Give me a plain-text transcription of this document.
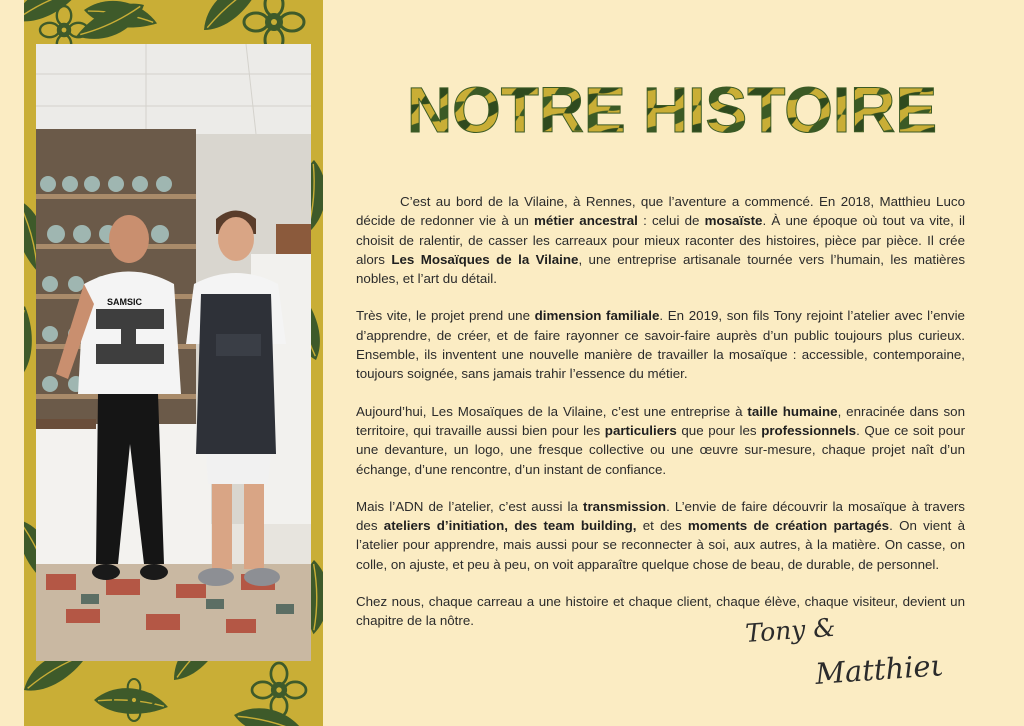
SAMSIC
NOTRE HISTOIRE

C’est au bord de la Vilaine, à Rennes, que l’aventure a commencé. En 2018, Matthieu Luco décide de redonner vie à un métier ancestral : celui de mosaïste. À une époque où tout va vite, il choisit de ralentir, de casser les carreaux pour mieux raconter des histoires, pièce par pièce. Il crée alors Les Mosaïques de la Vilaine, une entreprise artisanale tournée vers l’humain, les matières nobles, et l’art du détail.

Très vite, le projet prend une dimension familiale. En 2019, son fils Tony rejoint l’atelier avec l’envie d’apprendre, de créer, et de faire rayonner ce savoir-faire auprès d’un public toujours plus curieux. Ensemble, ils inventent une nouvelle manière de travailler la mosaïque : accessible, contemporaine, toujours soignée, sans jamais trahir l’essence du métier.

Aujourd’hui, Les Mosaïques de la Vilaine, c’est une entreprise à taille humaine, enracinée dans son territoire, qui travaille aussi bien pour les particuliers que pour les professionnels. Que ce soit pour une devanture, un logo, une fresque collective ou une œuvre sur-mesure, chaque projet naît d’un échange, d’une rencontre, d’un instant de confiance.

Mais l’ADN de l’atelier, c’est aussi la transmission. L’envie de faire découvrir la mosaïque à travers des ateliers d’initiation, des team building, et des moments de création partagés. On vient à l’atelier pour apprendre, mais aussi pour se reconnecter à soi, aux autres, à la matière. On casse, on colle, on ajuste, et peu à peu, on voit apparaître quelque chose de beau, de durable, de personnel.

Chez nous, chaque carreau a une histoire et chaque client, chaque élève, chaque visiteur, devient un chapitre de la nôtre.	Tony &
Matthieu
